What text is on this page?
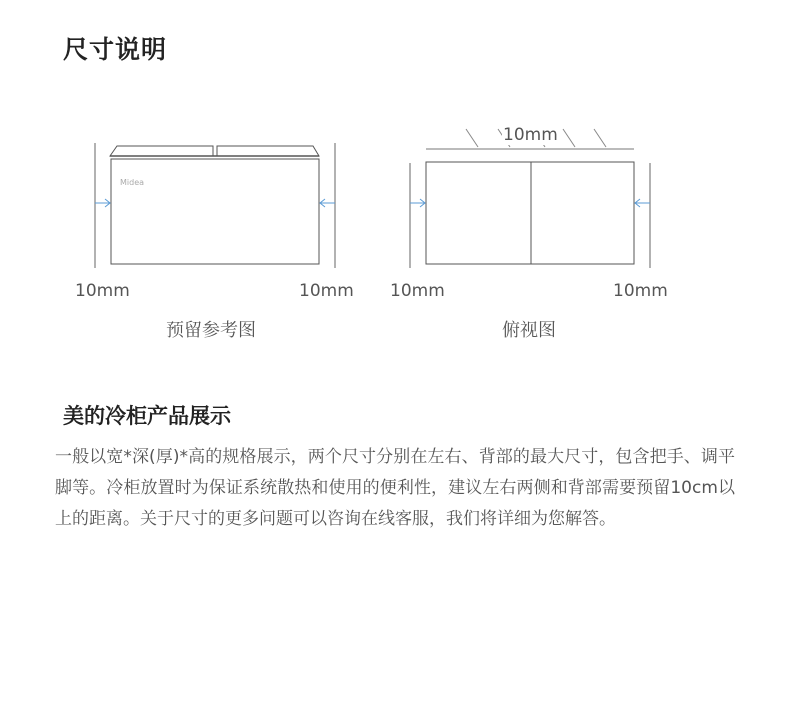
尺寸说明
Midea
10mm
10mm	10mm 10mm	10mm
预留参考图	俯视图
美的冷柜产品展示
一般以宽*深(厚)*高的规格展示，两个尺寸分别在左右、背部的最大尺寸，包含把手、调平脚等。冷柜放置时为保证系统散热和使用的便利性，建议左右两侧和背部需要预留10cm以上的距离。关于尺寸的更多问题可以咨询在线客服，我们将详细为您解答。
